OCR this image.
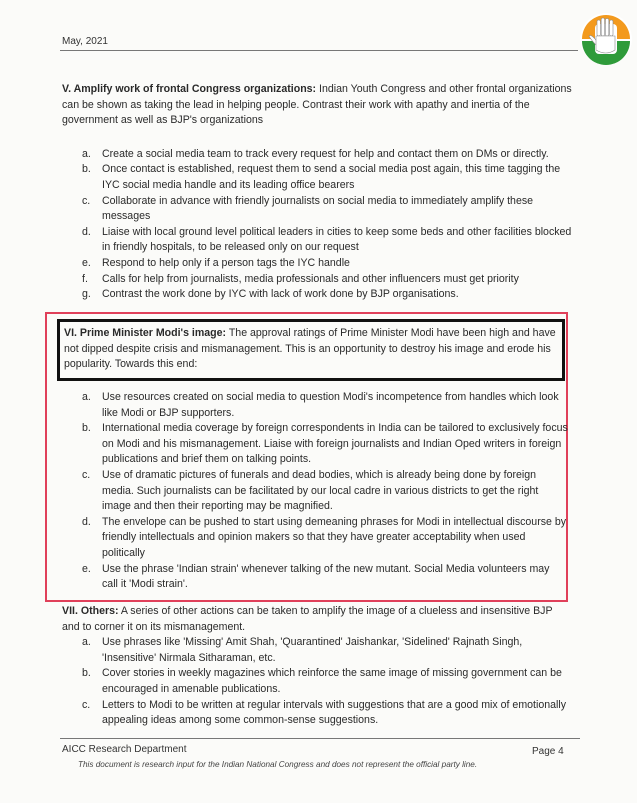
May, 2021

V. Amplify work of frontal Congress organizations: Indian Youth Congress and other frontal organizations can be shown as taking the lead in helping people. Contrast their work with apathy and inertia of the government as well as BJP's organizations

a. Create a social media team to track every request for help and contact them on DMs or directly.
b. Once contact is established, request them to send a social media post again, this time tagging the IYC social media handle and its leading office bearers
c. Collaborate in advance with friendly journalists on social media to immediately amplify these messages
d. Liaise with local ground level political leaders in cities to keep some beds and other facilities blocked in friendly hospitals, to be released only on our request
e. Respond to help only if a person tags the IYC handle
f. Calls for help from journalists, media professionals and other influencers must get priority
g. Contrast the work done by IYC with lack of work done by BJP organisations.

VI. Prime Minister Modi's image: The approval ratings of Prime Minister Modi have been high and have not dipped despite crisis and mismanagement. This is an opportunity to destroy his image and erode his popularity. Towards this end:

a. Use resources created on social media to question Modi's incompetence from handles which look like Modi or BJP supporters.
b. International media coverage by foreign correspondents in India can be tailored to exclusively focus on Modi and his mismanagement. Liaise with foreign journalists and Indian Oped writers in foreign publications and brief them on talking points.
c. Use of dramatic pictures of funerals and dead bodies, which is already being done by foreign media. Such journalists can be facilitated by our local cadre in various districts to get the right image and then their reporting may be magnified.
d. The envelope can be pushed to start using demeaning phrases for Modi in intellectual discourse by friendly intellectuals and opinion makers so that they have greater acceptability when used politically
e. Use the phrase 'Indian strain' whenever talking of the new mutant. Social Media volunteers may call it 'Modi strain'.

VII. Others: A series of other actions can be taken to amplify the image of a clueless and insensitive BJP and to corner it on its mismanagement.

a. Use phrases like 'Missing' Amit Shah, 'Quarantined' Jaishankar, 'Sidelined' Rajnath Singh, 'Insensitive' Nirmala Sitharaman, etc.
b. Cover stories in weekly magazines which reinforce the same image of missing government can be encouraged in amenable publications.
c. Letters to Modi to be written at regular intervals with suggestions that are a good mix of emotionally appealing ideas among some common-sense suggestions.
AICC Research Department	Page 4
This document is research input for the Indian National Congress and does not represent the official party line.
